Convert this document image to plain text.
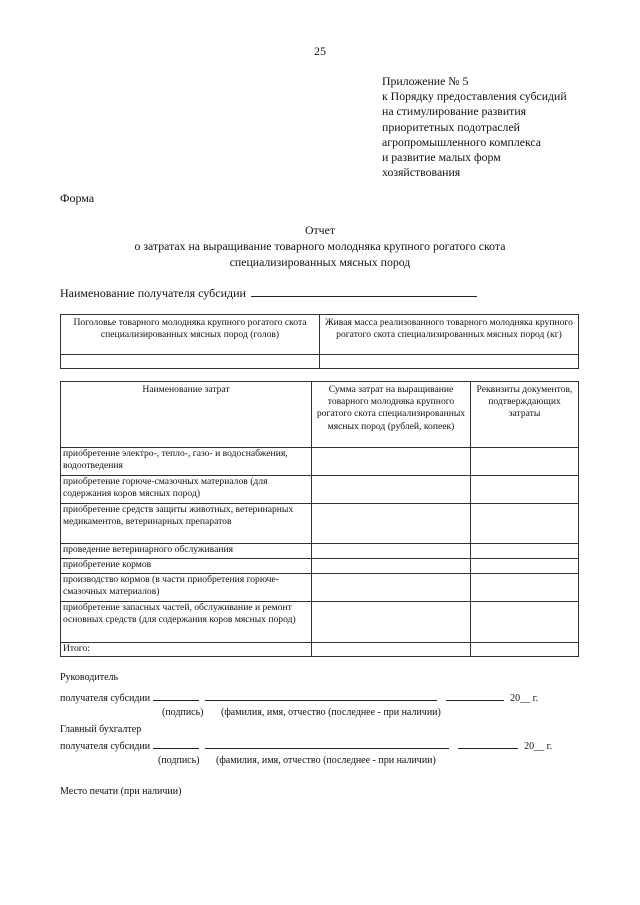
25
Приложение № 5
к Порядку предоставления субсидий
на стимулирование развития
приоритетных подотраслей
агропромышленного комплекса
и развитие малых форм
хозяйствования
Форма
Отчет
о затратах на выращивание товарного молодняка крупного рогатого скота
специализированных мясных пород
Наименование получателя субсидии
Поголовье товарного молодняка крупного рогатого скота специализированных мясных пород (голов)	Живая масса реализованного товарного молодняка крупного рогатого скота специализированных мясных пород (кг)

Наименование затрат	Сумма затрат на выращивание товарного молодняка крупного рогатого скота специализированных мясных пород (рублей, копеек)	Реквизиты документов, подтверждающих затраты
приобретение электро-, тепло-, газо- и водоснабжения, водоотведения		
приобретение горюче-смазочных материалов (для содержания коров мясных пород)		
приобретение средств защиты животных, ветеринарных медикаментов, ветеринарных препаратов		
проведение ветеринарного обслуживания		
приобретение кормов		
производство кормов (в части приобретения горюче-смазочных материалов)		
приобретение запасных частей, обслуживание и ремонт основных средств (для содержания коров мясных пород)		
Итого:		
Руководитель
получателя субсидии	20__ г.
(подпись) (фамилия, имя, отчество (последнее - при наличии)
Главный бухгалтер
получателя субсидии	20__ г.
(подпись) (фамилия, имя, отчество (последнее - при наличии)
Место печати (при наличии)
